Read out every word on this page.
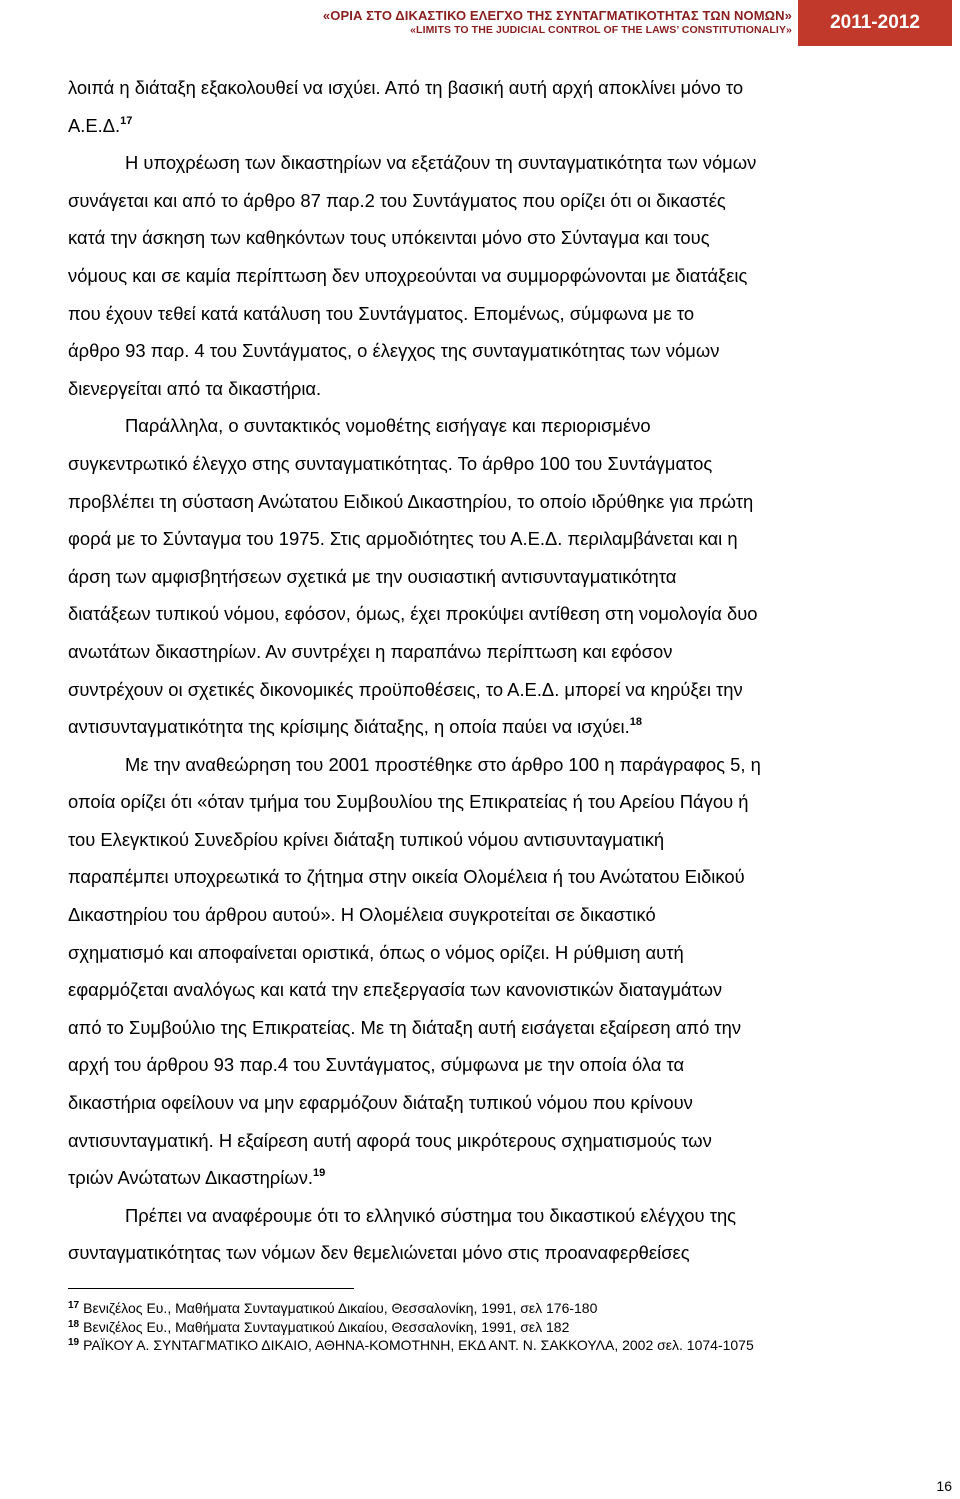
«ΟΡΙΑ ΣΤΟ ΔΙΚΑΣΤΙΚΟ ΕΛΕΓΧΟ ΤΗΣ ΣΥΝΤΑΓΜΑΤΙΚΟΤΗΤΑΣ ΤΩΝ ΝΟΜΩΝ»
«LIMITS TO THE JUDICIAL CONTROL OF THE LAWS’ CONSTITUTIONALIY»	2011-2012

λοιπά η διάταξη εξακολουθεί να ισχύει. Από τη βασική αυτή αρχή αποκλίνει μόνο το
Α.Ε.Δ.$^{17}$

Η υποχρέωση των δικαστηρίων να εξετάζουν τη συνταγματικότητα των νόμων
συνάγεται και από το άρθρο 87 παρ.2 του Συντάγματος που ορίζει ότι οι δικαστές
κατά την άσκηση των καθηκόντων τους υπόκεινται μόνο στο Σύνταγμα και τους
νόμους και σε καμία περίπτωση δεν υποχρεούνται να συμμορφώνονται με διατάξεις
που έχουν τεθεί κατά κατάλυση του Συντάγματος. Επομένως, σύμφωνα με το
άρθρο 93 παρ. 4 του Συντάγματος, ο έλεγχος της συνταγματικότητας των νόμων
διενεργείται από τα δικαστήρια.

Παράλληλα, ο συντακτικός νομοθέτης εισήγαγε και περιορισμένο
συγκεντρωτικό έλεγχο στης συνταγματικότητας. Το άρθρο 100 του Συντάγματος
προβλέπει τη σύσταση Ανώτατου Ειδικού Δικαστηρίου, το οποίο ιδρύθηκε για πρώτη
φορά με το Σύνταγμα του 1975. Στις αρμοδιότητες του Α.Ε.Δ. περιλαμβάνεται και η
άρση των αμφισβητήσεων σχετικά με την ουσιαστική αντισυνταγματικότητα
διατάξεων τυπικού νόμου, εφόσον, όμως, έχει προκύψει αντίθεση στη νομολογία δυο
ανωτάτων δικαστηρίων. Αν συντρέχει η παραπάνω περίπτωση και εφόσον
συντρέχουν οι σχετικές δικονομικές προϋποθέσεις, το Α.Ε.Δ. μπορεί να κηρύξει την
αντισυνταγματικότητα της κρίσιμης διάταξης, η οποία παύει να ισχύει.$^{18}$

Με την αναθεώρηση του 2001 προστέθηκε στο άρθρο 100 η παράγραφος 5, η
οποία ορίζει ότι «όταν τμήμα του Συμβουλίου της Επικρατείας ή του Αρείου Πάγου ή
του Ελεγκτικού Συνεδρίου κρίνει διάταξη τυπικού νόμου αντισυνταγματική
παραπέμπει υποχρεωτικά το ζήτημα στην οικεία Ολομέλεια ή του Ανώτατου Ειδικού
Δικαστηρίου του άρθρου αυτού». Η Ολομέλεια συγκροτείται σε δικαστικό
σχηματισμό και αποφαίνεται οριστικά, όπως ο νόμος ορίζει. Η ρύθμιση αυτή
εφαρμόζεται αναλόγως και κατά την επεξεργασία των κανονιστικών διαταγμάτων
από το Συμβούλιο της Επικρατείας. Με τη διάταξη αυτή εισάγεται εξαίρεση από την
αρχή του άρθρου 93 παρ.4 του Συντάγματος, σύμφωνα με την οποία όλα τα
δικαστήρια οφείλουν να μην εφαρμόζουν διάταξη τυπικού νόμου που κρίνουν
αντισυνταγματική. Η εξαίρεση αυτή αφορά τους μικρότερους σχηματισμούς των
τριών Ανώτατων Δικαστηρίων.$^{19}$

Πρέπει να αναφέρουμε ότι το ελληνικό σύστημα του δικαστικού ελέγχου της
συνταγματικότητας των νόμων δεν θεμελιώνεται μόνο στις προαναφερθείσες

$^{17}$ Βενιζέλος Ευ., Μαθήματα Συνταγματικού Δικαίου, Θεσσαλονίκη, 1991, σελ 176-180
$^{18}$ Βενιζέλος Ευ., Μαθήματα Συνταγματικού Δικαίου, Θεσσαλονίκη, 1991, σελ 182
$^{19}$ ΡΑΪΚΟΥ Α. ΣΥΝΤΑΓΜΑΤΙΚΟ ΔΙΚΑΙΟ, ΑΘΗΝΑ-ΚΟΜΟΤΗΝΗ, ΕΚΔ ΑΝΤ. Ν. ΣΑΚΚΟΥΛΑ, 2002 σελ. 1074-1075
16
